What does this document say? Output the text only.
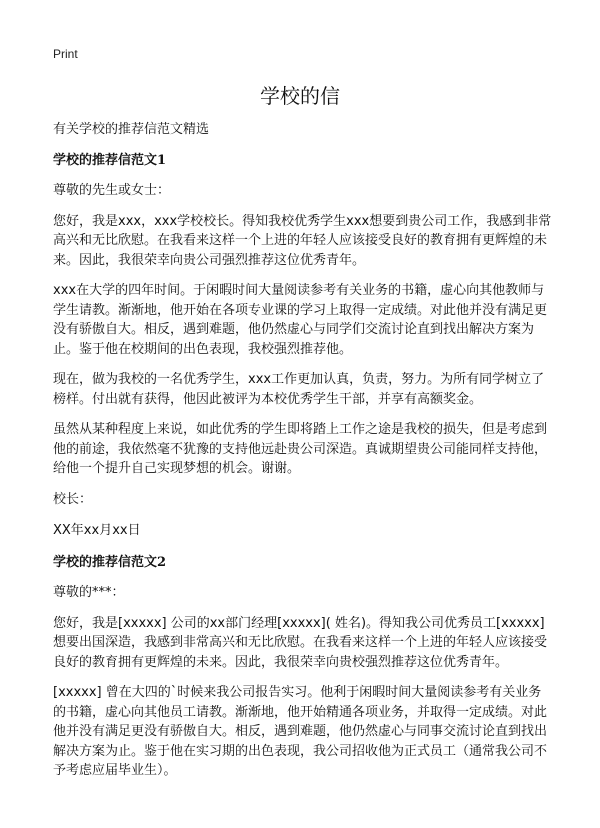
Print
学校的信

有关学校的推荐信范文精选

学校的推荐信范文1

尊敬的先生或女士：

您好，我是xxx，xxx学校校长。得知我校优秀学生xxx想要到贵公司工作，我感到非常高兴和无比欣慰。在我看来这样一个上进的年轻人应该接受良好的教育拥有更辉煌的未来。因此，我很荣幸向贵公司强烈推荐这位优秀青年。

xxx在大学的四年时间。于闲暇时间大量阅读参考有关业务的书籍，虚心向其他教师与学生请教。渐渐地，他开始在各项专业课的学习上取得一定成绩。对此他并没有满足更没有骄傲自大。相反，遇到难题，他仍然虚心与同学们交流讨论直到找出解决方案为止。鉴于他在校期间的出色表现，我校强烈推荐他。

现在，做为我校的一名优秀学生，xxx工作更加认真，负责，努力。为所有同学树立了榜样。付出就有获得，他因此被评为本校优秀学生干部，并享有高额奖金。

虽然从某种程度上来说，如此优秀的学生即将踏上工作之途是我校的损失，但是考虑到他的前途，我依然毫不犹豫的支持他远赴贵公司深造。真诚期望贵公司能同样支持他，给他一个提升自己实现梦想的机会。谢谢。

校长：

XX年xx月xx日

学校的推荐信范文2

尊敬的***：

您好，我是[xxxxx] 公司的xx部门经理[xxxxx]( 姓名)。得知我公司优秀员工[xxxxx] 想要出国深造，我感到非常高兴和无比欣慰。在我看来这样一个上进的年轻人应该接受良好的教育拥有更辉煌的未来。因此，我很荣幸向贵校强烈推荐这位优秀青年。

[xxxxx] 曾在大四的`时候来我公司报告实习。他利于闲暇时间大量阅读参考有关业务的书籍，虚心向其他员工请教。渐渐地，他开始精通各项业务，并取得一定成绩。对此他并没有满足更没有骄傲自大。相反，遇到难题，他仍然虚心与同事交流讨论直到找出解决方案为止。鉴于他在实习期的出色表现，我公司招收他为正式员工（通常我公司不予考虑应届毕业生）。
